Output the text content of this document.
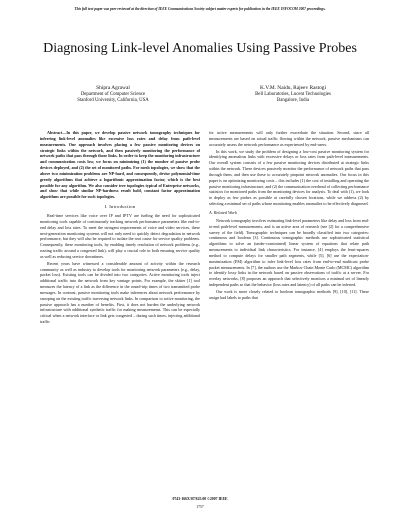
This full text paper was peer reviewed at the direction of IEEE Communications Society subject matter experts for publication in the IEEE INFOCOM 2007 proceedings.
Diagnosing Link-level Anomalies Using Passive Probes
Shipra Agrawal
Department of Computer Science
Stanford University, California, USA
K.V.M. Naidu, Rajeev Rastogi
Bell Laboratories, Lucent Technologies
Bangalore, India

Abstract—In this paper, we develop passive network tomography techniques for inferring link-level anomalies like excessive loss rates and delay from path-level measurements. Our approach involves placing a few passive monitoring devices on strategic links within the network, and then passively monitoring the performance of network paths that pass through those links. In order to keep the monitoring infrastructure and communication costs low, we focus on minimizing (1) the number of passive probe devices deployed, and (2) the set of monitored paths. For mesh topologies, we show that the above two minimization problems are NP-hard, and consequently, devise polynomial-time greedy algorithms that achieve a logarithmic approximation factor, which is the best possible for any algorithm. We also consider tree topologies typical of Enterprise networks, and show that while similar NP-hardness result hold, constant factor approximation algorithms are possible for such topologies.

I. Introduction

Real-time services like voice over IP and IPTV are fueling the need for sophisticated monitoring tools capable of continuously tracking network performance parameters like end-to-end delay and loss rates. To meet the stringent requirements of voice and video services, these next-generation monitoring systems will not only need to quickly detect degradation in network performance, but they will also be required to isolate the root cause for service quality problems. Consequently, these monitoring tools, by enabling timely resolution of network problems (e.g., routing traffic around a congested link), will play a crucial role in both ensuring service quality as well as reducing service downtimes.

Recent years have witnessed a considerable amount of activity within the research community as well as industry to develop tools for monitoring network parameters (e.g., delay, packet loss). Existing tools can be divided into two categories. Active monitoring tools inject additional traffic into the network from key vantage points. For example, the skitter [1] tool measures the latency of a link as the difference in the round-trip times of two transmitted probe messages. In contrast, passive monitoring tools make inferences about network performance by snooping on the existing traffic traversing network links. In comparison to active monitoring, the passive approach has a number of benefits. First, it does not burden the underlying network infrastructure with additional synthetic traffic for making measurements. This can be especially critical when a network interface or link gets congested – during such times, injecting additional traffic

for active measurements will only further exacerbate the situation. Second, since all measurements are based on actual traffic flowing within the network, passive mechanisms can accurately assess the network performance as experienced by end-users.

In this work, we study the problem of designing a low-cost passive monitoring system for identifying anomalous links with excessive delays or loss rates from path-level measurements. Our overall system consists of a few passive monitoring devices distributed at strategic links within the network. These devices passively monitor the performance of network paths that pass through them, and then use these to accurately pinpoint network anomalies. Our focus in this paper is on optimizing monitoring costs – this includes (1) the cost of installing and operating the passive monitoring infrastructure, and (2) the communication overhead of collecting performance statistics for monitored paths from the monitoring devices for analysis. To deal with (1), we look to deploy as few probes as possible at carefully chosen locations, while we address (2) by selecting a minimal set of paths whose monitoring enables anomalies to be effectively diagnosed.

A. Related Work

Network tomography involves estimating link-level parameters like delay and loss from end-to-end path-level measurements, and is an active area of research (see [2] for a comprehensive survey of the field). Tomographic techniques can be broadly classified into two categories: continuous and boolean [3]. Continuous tomographic methods use sophisticated statistical algorithms to solve an (under-constrained) linear system of equations that relate path measurements to individual link characteristics. For instance, [4] employs the least-squares method to compute delays for smaller path segments, while [5], [6] use the expectation-maximization (EM) algorithm to infer link-level loss rates from end-to-end multicast probe packet measurements. In [7], the authors use the Markov Chain Monte Carlo (MCMC) algorithm to identify lossy links in the network based on passive observations of traffic at a server. For overlay networks, [8] proposes an approach that selectively monitors a minimal set of linearly independent paths so that the behavior (loss rates and latency) of all paths can be inferred.

Our work is more closely related to boolean tomographic methods [9], [10], [11]. These assign bad labels to paths that

0743-166X/07/$25.00 ©2007 IEEE
1757
